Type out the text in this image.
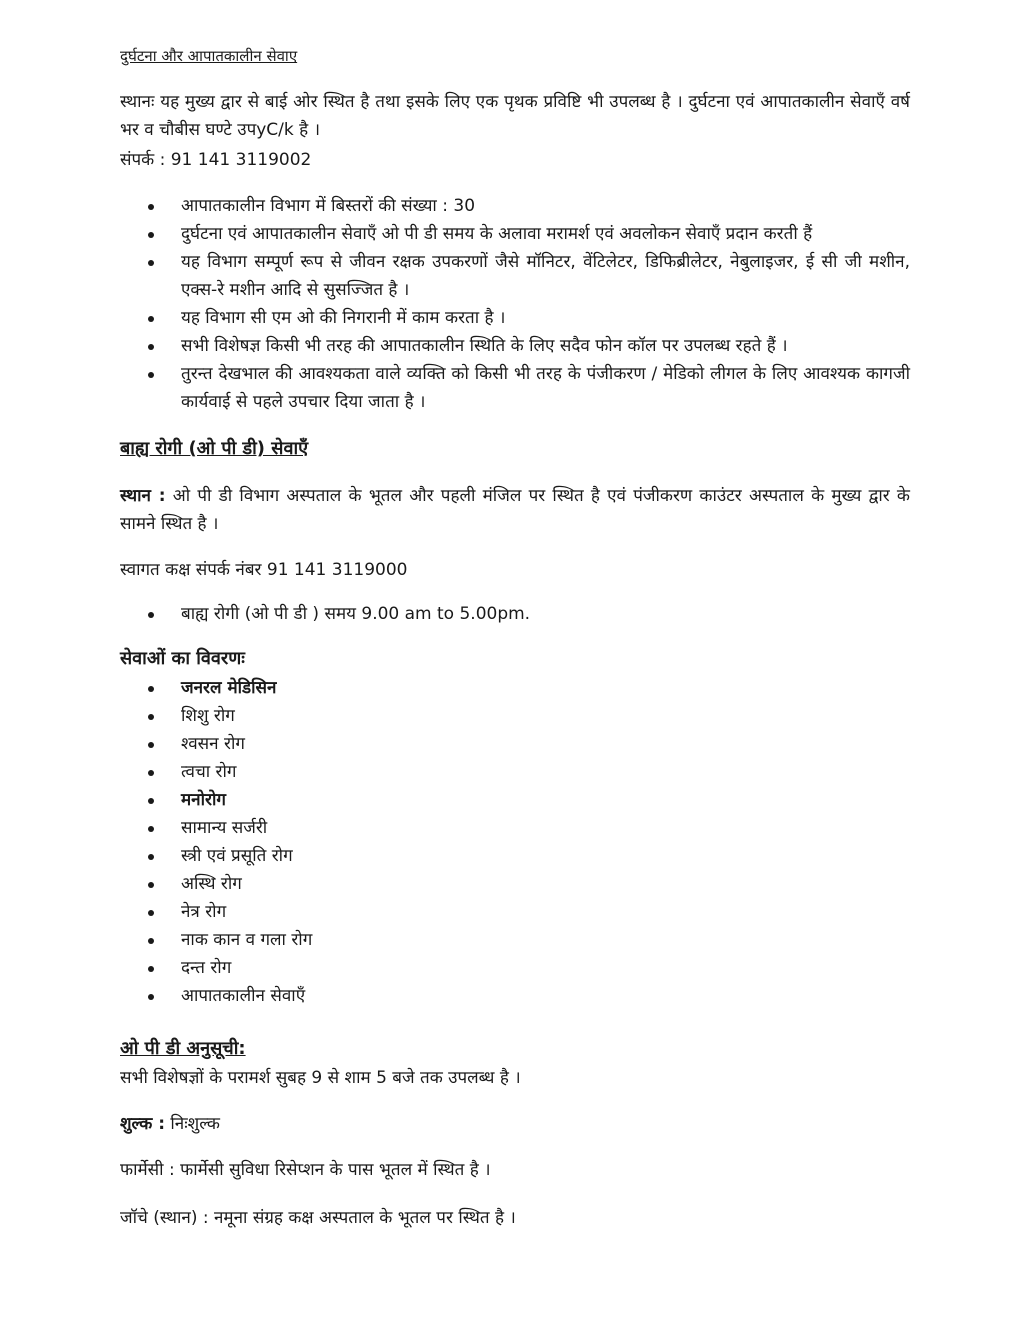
दुर्घटना और आपातकालीन सेवाए

स्थानः यह मुख्य द्वार से बाई ओर स्थित है तथा इसके लिए एक पृथक प्रविष्टि भी उपलब्ध है । दुर्घटना एवं आपातकालीन सेवाएँ वर्ष भर व चौबीस घण्टे उपyC/k है ।

संपर्क : 91 141 3119002
आपातकालीन विभाग में बिस्तरों की संख्या : 30
दुर्घटना एवं आपातकालीन सेवाएँ ओ पी डी समय के अलावा मरामर्श एवं अवलोकन सेवाएँ प्रदान करती हैं
यह विभाग सम्पूर्ण रूप से जीवन रक्षक उपकरणों जैसे मॉनिटर, वेंटिलेटर, डिफिब्रीलेटर, नेबुलाइजर, ई सी जी मशीन, एक्स-रे मशीन आदि से सुसज्जित है ।
यह विभाग सी एम ओ की निगरानी में काम करता है ।
सभी विशेषज्ञ किसी भी तरह की आपातकालीन स्थिति के लिए सदैव फोन कॉल पर उपलब्ध रहते हैं ।
तुरन्त देखभाल की आवश्यकता वाले व्यक्ति को किसी भी तरह के पंजीकरण / मेडिको लीगल के लिए आवश्यक कागजी कार्यवाई से पहले उपचार दिया जाता है ।
बाह्य रोगी (ओ पी डी) सेवाएँ

स्थान : ओ पी डी विभाग अस्पताल के भूतल और पहली मंजिल पर स्थित है एवं पंजीकरण काउंटर अस्पताल के मुख्य द्वार के सामने स्थित है ।

स्वागत कक्ष संपर्क नंबर 91 141 3119000
बाह्य रोगी (ओ पी डी ) समय 9.00 am to 5.00pm.
सेवाओं का विवरणः
जनरल मेडिसिन
शिशु रोग
श्वसन रोग
त्वचा रोग
मनोरोग
सामान्य सर्जरी
स्त्री एवं प्रसूति रोग
अस्थि रोग
नेत्र रोग
नाक कान व गला रोग
दन्त रोग
आपातकालीन सेवाएँ
ओ पी डी अनुसूची:
सभी विशेषज्ञों के परामर्श सुबह 9 से शाम 5 बजे तक उपलब्ध है ।
शुल्क : निःशुल्क
फार्मेसी : फार्मेसी सुविधा रिसेप्शन के पास भूतल में स्थित है ।
जॉचे (स्थान) : नमूना संग्रह कक्ष अस्पताल के भूतल पर स्थित है ।
